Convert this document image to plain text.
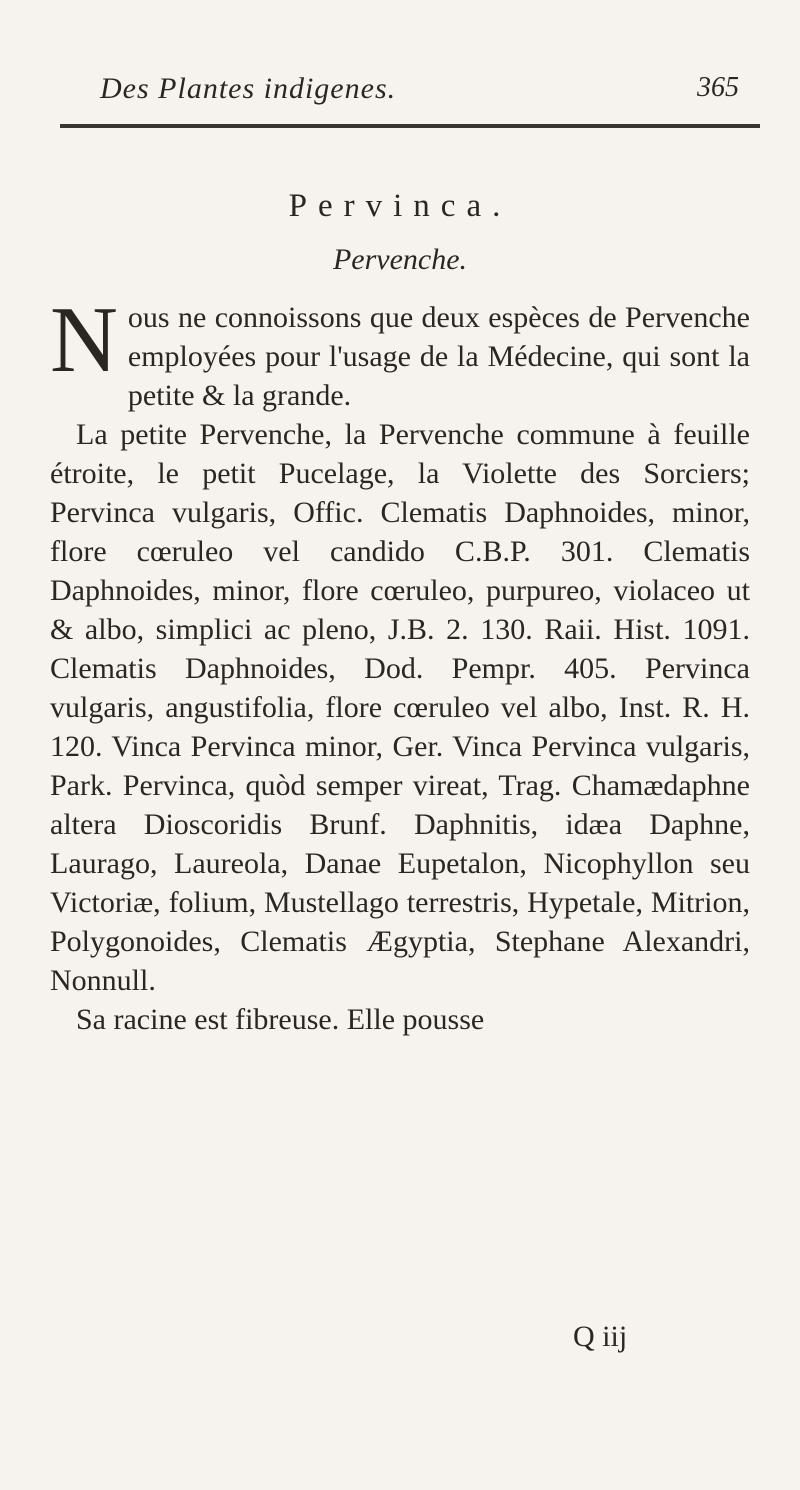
Des Plantes indigenes.	365
Pervinca.
Pervenche.

Nous ne connoissons que deux espèces de Pervenche employées pour l'usage de la Médecine, qui sont la petite & la grande.

La petite Pervenche, la Pervenche commune à feuille étroite, le petit Pucelage, la Violette des Sorciers; Pervinca vulgaris, Offic. Clematis Daphnoides, minor, flore cœruleo vel candido C.B.P. 301. Clematis Daphnoides, minor, flore cœruleo, purpureo, violaceo ut & albo, simplici ac pleno, J.B. 2. 130. Raii. Hist. 1091. Clematis Daphnoides, Dod. Pempr. 405. Pervinca vulgaris, angustifolia, flore cœruleo vel albo, Inst. R. H. 120. Vinca Pervinca minor, Ger. Vinca Pervinca vulgaris, Park. Pervinca, quòd semper vireat, Trag. Chamædaphne altera Dioscoridis Brunf. Daphnitis, idæa Daphne, Laurago, Laureola, Danae Eupetalon, Nicophyllon seu Victoriæ, folium, Mustellago terrestris, Hypetale, Mitrion, Polygonoides, Clematis Ægyptia, Stephane Alexandri, Nonnull.

Sa racine est fibreuse. Elle pousse

Q iij
